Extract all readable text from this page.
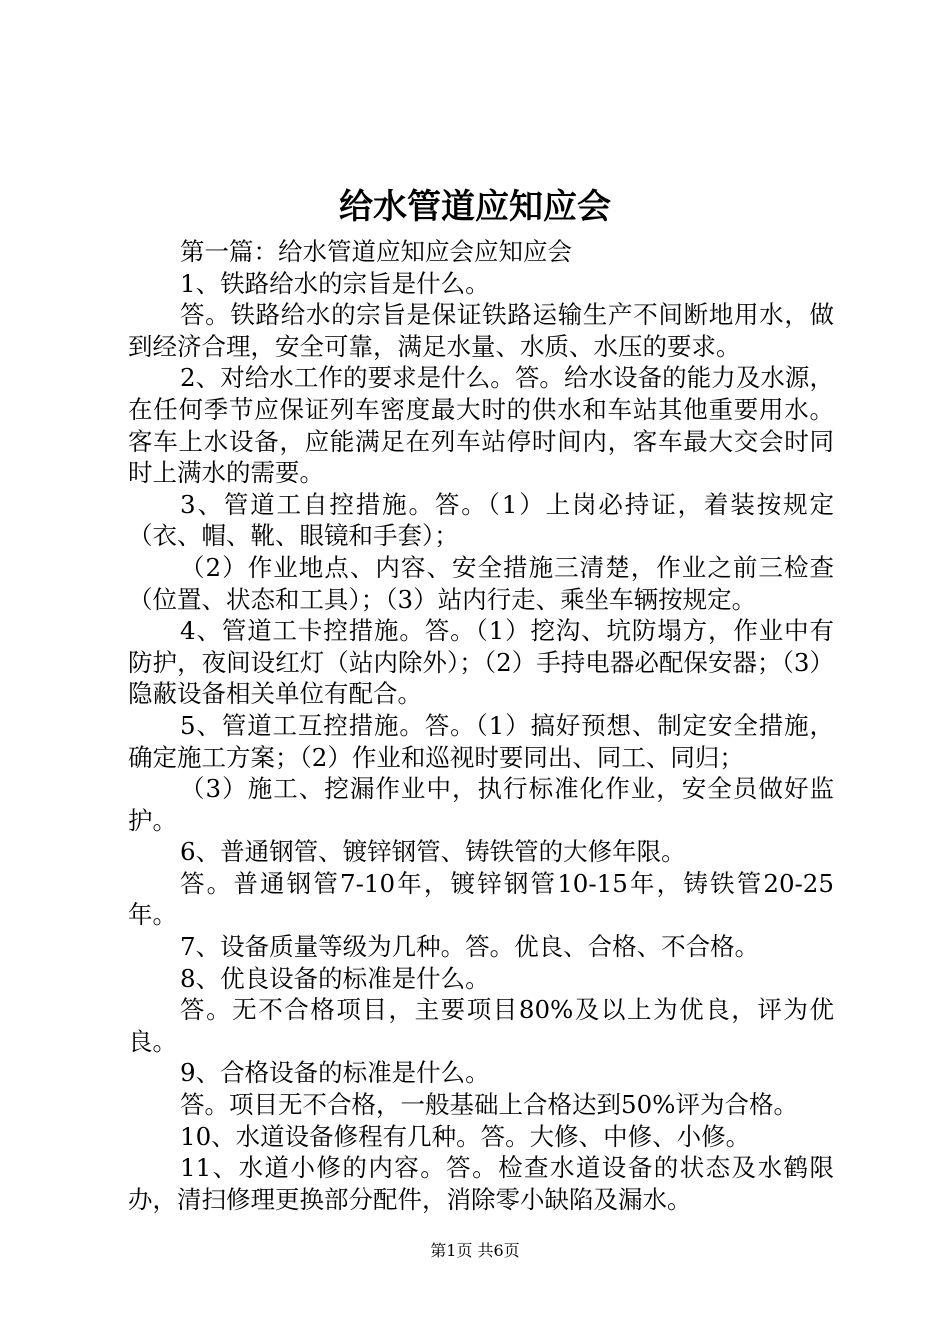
给水管道应知应会

第一篇：给水管道应知应会应知应会

1、铁路给水的宗旨是什么。

答。铁路给水的宗旨是保证铁路运输生产不间断地用水，做到经济合理，安全可靠，满足水量、水质、水压的要求。

2、对给水工作的要求是什么。答。给水设备的能力及水源，在任何季节应保证列车密度最大时的供水和车站其他重要用水。客车上水设备，应能满足在列车站停时间内，客车最大交会时同时上满水的需要。

3、管道工自控措施。答。（1）上岗必持证，着装按规定（衣、帽、靴、眼镜和手套）；

（2）作业地点、内容、安全措施三清楚，作业之前三检查（位置、状态和工具）；（3）站内行走、乘坐车辆按规定。

4、管道工卡控措施。答。（1）挖沟、坑防塌方，作业中有防护，夜间设红灯（站内除外）；（2）手持电器必配保安器；（3）隐蔽设备相关单位有配合。

5、管道工互控措施。答。（1）搞好预想、制定安全措施，确定施工方案；（2）作业和巡视时要同出、同工、同归；

（3）施工、挖漏作业中，执行标准化作业，安全员做好监护。

6、普通钢管、镀锌钢管、铸铁管的大修年限。

答。普通钢管7-10年，镀锌钢管10-15年，铸铁管20-25年。

7、设备质量等级为几种。答。优良、合格、不合格。

8、优良设备的标准是什么。

答。无不合格项目，主要项目80%及以上为优良，评为优良。

9、合格设备的标准是什么。

答。项目无不合格，一般基础上合格达到50%评为合格。

10、水道设备修程有几种。答。大修、中修、小修。

11、水道小修的内容。答。检查水道设备的状态及水鹤限办，清扫修理更换部分配件，消除零小缺陷及漏水。

第1页 共6页
